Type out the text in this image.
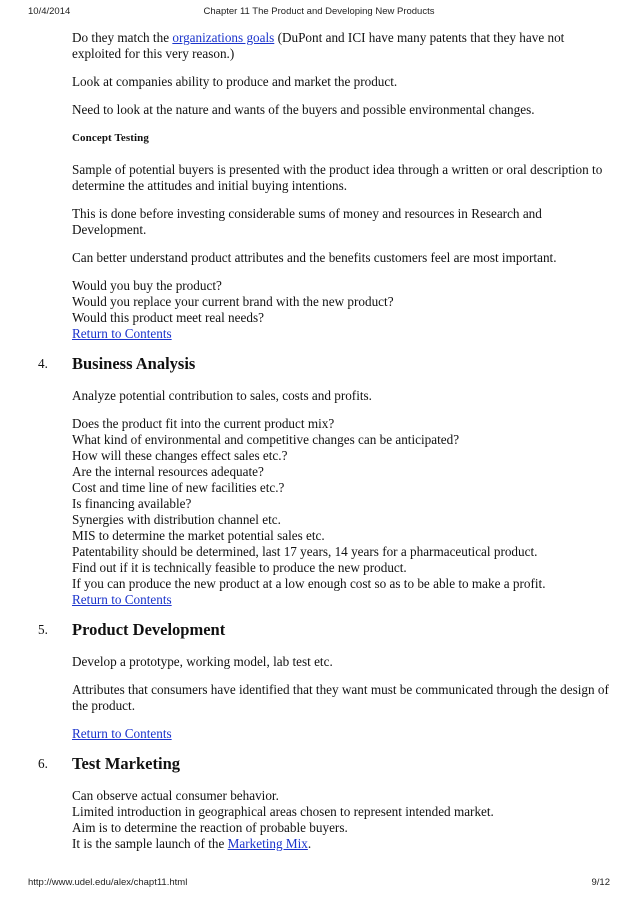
10/4/2014	Chapter 11 The Product and Developing New Products

Do they match the organizations goals (DuPont and ICI have many patents that they have not exploited for this very reason.)

Look at companies ability to produce and market the product.

Need to look at the nature and wants of the buyers and possible environmental changes.

Concept Testing

Sample of potential buyers is presented with the product idea through a written or oral description to determine the attitudes and initial buying intentions.

This is done before investing considerable sums of money and resources in Research and Development.

Can better understand product attributes and the benefits customers feel are most important.

Would you buy the product?
Would you replace your current brand with the new product?
Would this product meet real needs?
Return to Contents

4. Business Analysis

Analyze potential contribution to sales, costs and profits.

Does the product fit into the current product mix?
What kind of environmental and competitive changes can be anticipated?
How will these changes effect sales etc.?
Are the internal resources adequate?
Cost and time line of new facilities etc.?
Is financing available?
Synergies with distribution channel etc.
MIS to determine the market potential sales etc.
Patentability should be determined, last 17 years, 14 years for a pharmaceutical product.
Find out if it is technically feasible to produce the new product.
If you can produce the new product at a low enough cost so as to be able to make a profit.
Return to Contents

5. Product Development

Develop a prototype, working model, lab test etc.

Attributes that consumers have identified that they want must be communicated through the design of the product.

Return to Contents

6. Test Marketing

Can observe actual consumer behavior.
Limited introduction in geographical areas chosen to represent intended market.
Aim is to determine the reaction of probable buyers.
It is the sample launch of the Marketing Mix.

http://www.udel.edu/alex/chapt11.html	9/12
